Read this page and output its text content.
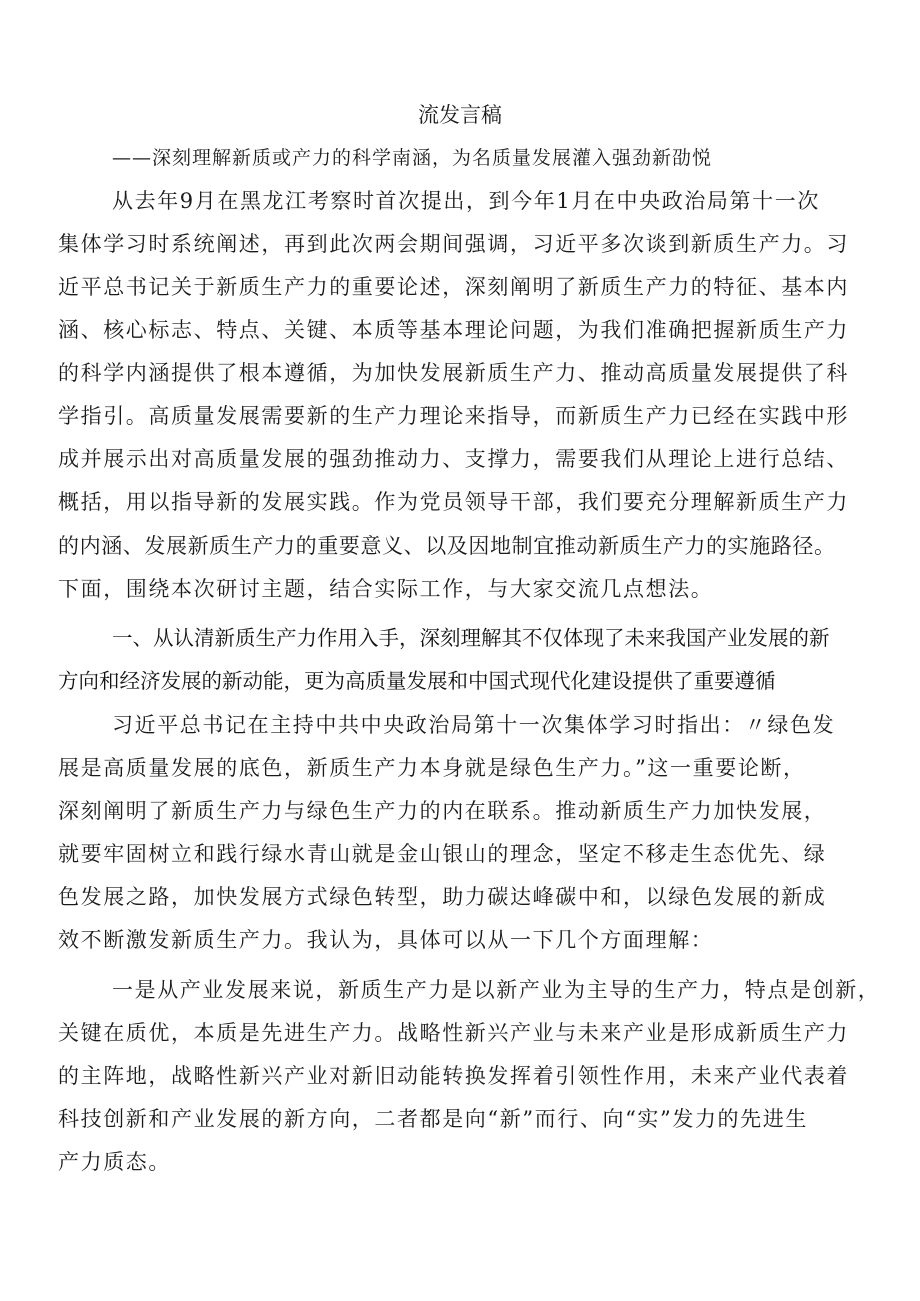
流发言稿
——深刻理解新质或产力的科学南涵，为名质量发展灌入强劲新劭悦
从去年9月在黑龙江考察时首次提出，到今年1月在中央政治局第十一次
集体学习时系统阐述，再到此次两会期间强调，习近平多次谈到新质生产力。习
近平总书记关于新质生产力的重要论述，深刻阐明了新质生产力的特征、基本内
涵、核心标志、特点、关键、本质等基本理论问题，为我们准确把握新质生产力
的科学内涵提供了根本遵循，为加快发展新质生产力、推动高质量发展提供了科
学指引。高质量发展需要新的生产力理论来指导，而新质生产力已经在实践中形
成并展示出对高质量发展的强劲推动力、支撑力，需要我们从理论上进行总结、
概括，用以指导新的发展实践。作为党员领导干部，我们要充分理解新质生产力
的内涵、发展新质生产力的重要意义、以及因地制宜推动新质生产力的实施路径。
下面，围绕本次研讨主题，结合实际工作，与大家交流几点想法。
一、从认清新质生产力作用入手，深刻理解其不仅体现了未来我国产业发展的新
方向和经济发展的新动能，更为高质量发展和中国式现代化建设提供了重要遵循
习近平总书记在主持中共中央政治局第十一次集体学习时指出：〃绿色发
展是高质量发展的底色，新质生产力本身就是绿色生产力。”这一重要论断，
深刻阐明了新质生产力与绿色生产力的内在联系。推动新质生产力加快发展，
就要牢固树立和践行绿水青山就是金山银山的理念，坚定不移走生态优先、绿
色发展之路，加快发展方式绿色转型，助力碳达峰碳中和，以绿色发展的新成
效不断激发新质生产力。我认为，具体可以从一下几个方面理解：
一是从产业发展来说，新质生产力是以新产业为主导的生产力，特点是创新，
关键在质优，本质是先进生产力。战略性新兴产业与未来产业是形成新质生产力
的主阵地，战略性新兴产业对新旧动能转换发挥着引领性作用，未来产业代表着
科技创新和产业发展的新方向，二者都是向“新”而行、向“实”发力的先进生
产力质态。
